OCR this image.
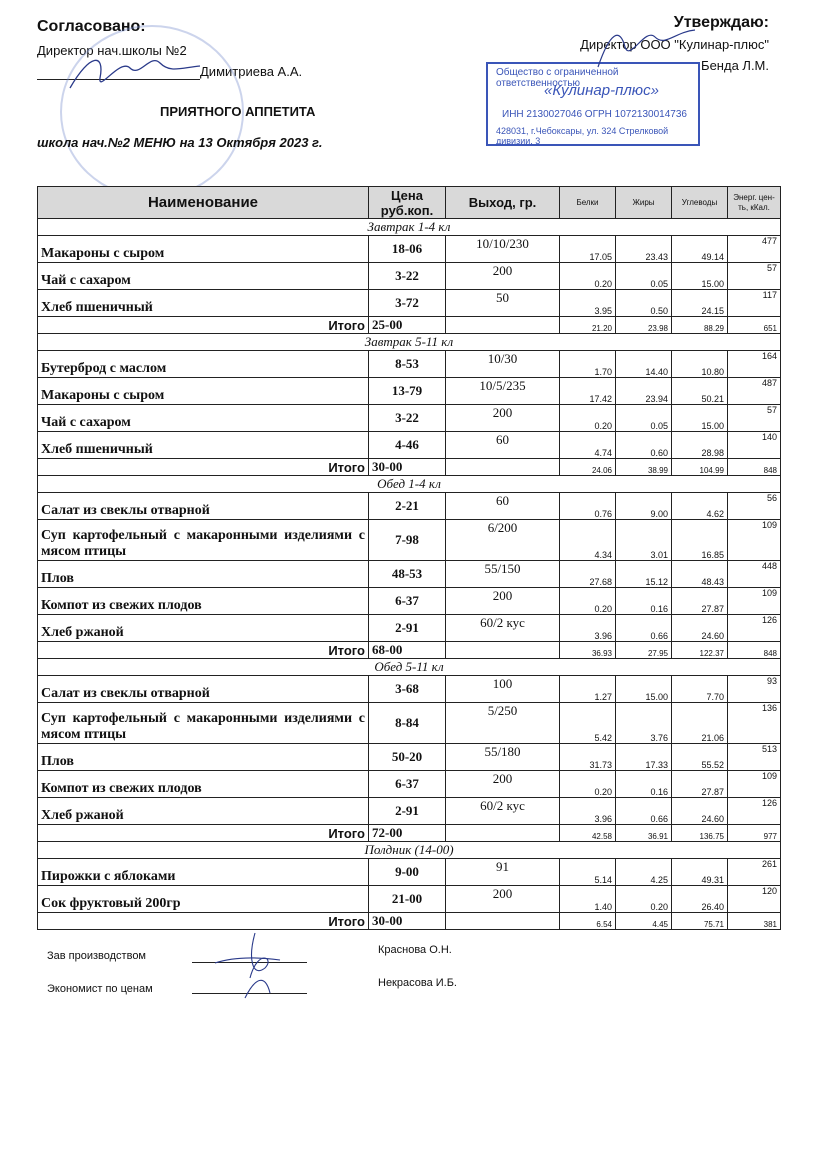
Согласовано:
Директор нач.школы №2
Димитриева А.А.
Утверждаю:
Директор ООО "Кулинар-плюс"
Бенда Л.М.
Общество с ограниченной ответственностью
«Кулинар-плюс»
ИНН 2130027046 ОГРН 1072130014736
428031, г.Чебоксары, ул. 324 Стрелковой дивизии, 3
ПРИЯТНОГО АППЕТИТА
школа нач.№2 МЕНЮ на 13 Октября 2023 г.
Наименование	Цена руб.коп.	Выход, гр.	Белки	Жиры	Углеводы	Энерг. цен-ть, кКал.
Завтрак 1-4 кл						
Макароны с сыром	18-06	10/10/230	17.05	23.43	49.14	477
Чай с сахаром	3-22	200	0.20	0.05	15.00	57
Хлеб пшеничный	3-72	50	3.95	0.50	24.15	117
Итого	25-00		21.20	23.98	88.29	651
Завтрак 5-11 кл						
Бутерброд с маслом	8-53	10/30	1.70	14.40	10.80	164
Макароны с сыром	13-79	10/5/235	17.42	23.94	50.21	487
Чай с сахаром	3-22	200	0.20	0.05	15.00	57
Хлеб пшеничный	4-46	60	4.74	0.60	28.98	140
Итого	30-00		24.06	38.99	104.99	848
Обед 1-4 кл						
Салат из свеклы отварной	2-21	60	0.76	9.00	4.62	56
Суп картофельный с макаронными изделиями с мясом птицы	7-98	6/200	4.34	3.01	16.85	109
Плов	48-53	55/150	27.68	15.12	48.43	448
Компот из свежих плодов	6-37	200	0.20	0.16	27.87	109
Хлеб ржаной	2-91	60/2 кус	3.96	0.66	24.60	126
Итого	68-00		36.93	27.95	122.37	848
Обед 5-11 кл						
Салат из свеклы отварной	3-68	100	1.27	15.00	7.70	93
Суп картофельный с макаронными изделиями с мясом птицы	8-84	5/250	5.42	3.76	21.06	136
Плов	50-20	55/180	31.73	17.33	55.52	513
Компот из свежих плодов	6-37	200	0.20	0.16	27.87	109
Хлеб ржаной	2-91	60/2 кус	3.96	0.66	24.60	126
Итого	72-00		42.58	36.91	136.75	977
Полдник (14-00)						
Пирожки с яблоками	9-00	91	5.14	4.25	49.31	261
Сок фруктовый 200гр	21-00	200	1.40	0.20	26.40	120
Итого	30-00		6.54	4.45	75.71	381
Зав производством	Краснова О.Н.
Экономист по ценам	Некрасова И.Б.
